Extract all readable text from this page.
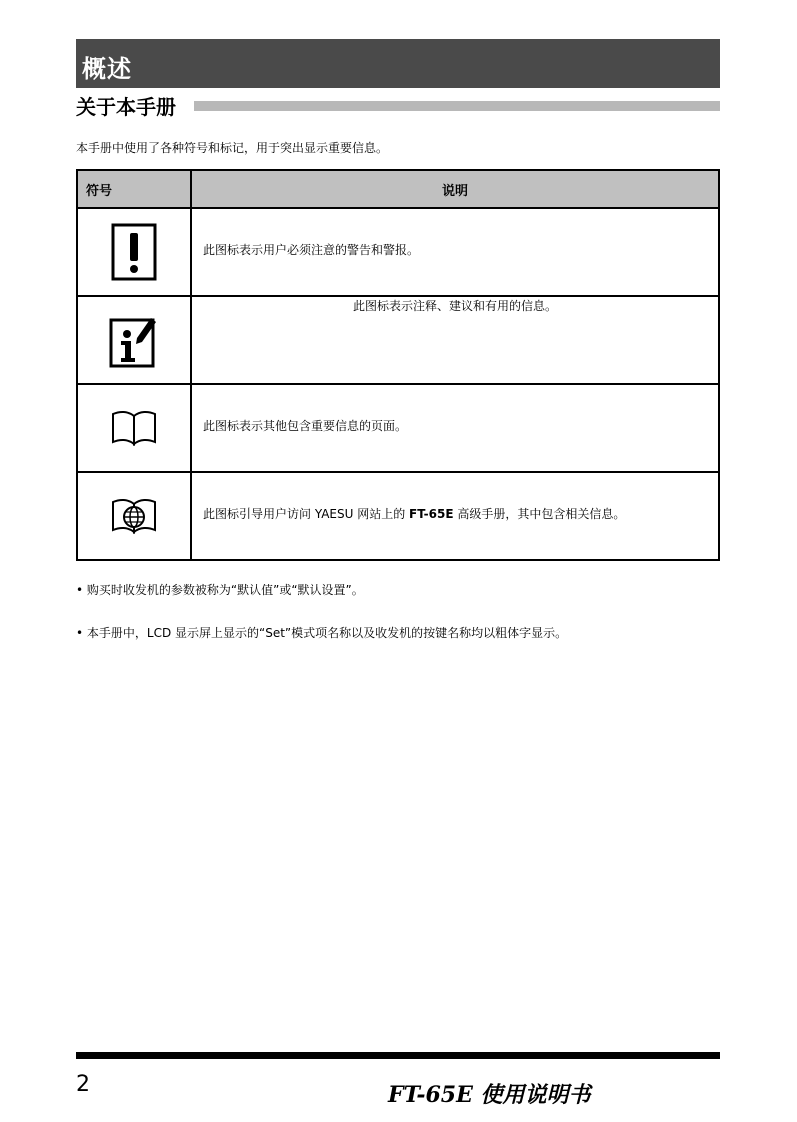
概述
关于本手册
本手册中使用了各种符号和标记，用于突出显示重要信息。
符号	说明

此图标表示用户必须注意的警告和警报。

此图标表示注释、建议和有用的信息。

此图标表示其他包含重要信息的页面。

此图标引导用户访问 YAESU 网站上的 FT-65E 高级手册，其中包含相关信息。
• 购买时收发机的参数被称为“默认值”或“默认设置”。
• 本手册中，LCD 显示屏上显示的“Set”模式项名称以及收发机的按键名称均以粗体字显示。
2	FT-65E 使用说明书
